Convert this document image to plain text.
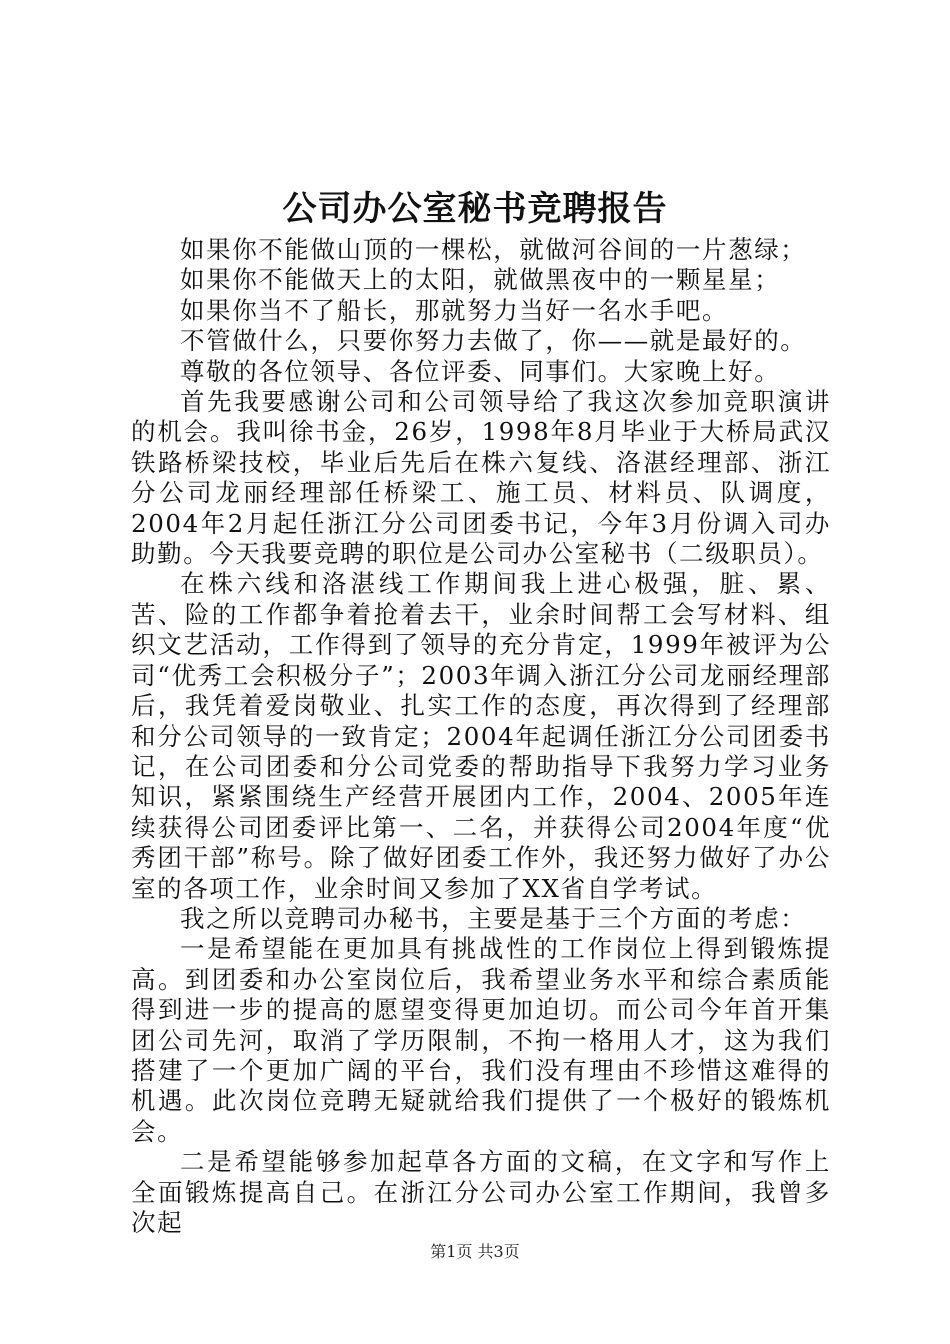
公司办公室秘书竞聘报告

如果你不能做山顶的一棵松，就做河谷间的一片葱绿；

如果你不能做天上的太阳，就做黑夜中的一颗星星；

如果你当不了船长，那就努力当好一名水手吧。

不管做什么，只要你努力去做了，你——就是最好的。

尊敬的各位领导、各位评委、同事们。大家晚上好。

首先我要感谢公司和公司领导给了我这次参加竞职演讲的机会。我叫徐书金，26岁，1998年8月毕业于大桥局武汉铁路桥梁技校，毕业后先后在株六复线、洛湛经理部、浙江分公司龙丽经理部任桥梁工、施工员、材料员、队调度，2004年2月起任浙江分公司团委书记，今年3月份调入司办助勤。今天我要竞聘的职位是公司办公室秘书（二级职员）。

在株六线和洛湛线工作期间我上进心极强，脏、累、苦、险的工作都争着抢着去干，业余时间帮工会写材料、组织文艺活动，工作得到了领导的充分肯定，1999年被评为公司“优秀工会积极分子”；2003年调入浙江分公司龙丽经理部后，我凭着爱岗敬业、扎实工作的态度，再次得到了经理部和分公司领导的一致肯定；2004年起调任浙江分公司团委书记，在公司团委和分公司党委的帮助指导下我努力学习业务知识，紧紧围绕生产经营开展团内工作，2004、2005年连续获得公司团委评比第一、二名，并获得公司2004年度“优秀团干部”称号。除了做好团委工作外，我还努力做好了办公室的各项工作，业余时间又参加了XX省自学考试。

我之所以竞聘司办秘书，主要是基于三个方面的考虑：

一是希望能在更加具有挑战性的工作岗位上得到锻炼提高。到团委和办公室岗位后，我希望业务水平和综合素质能得到进一步的提高的愿望变得更加迫切。而公司今年首开集团公司先河，取消了学历限制，不拘一格用人才，这为我们搭建了一个更加广阔的平台，我们没有理由不珍惜这难得的机遇。此次岗位竞聘无疑就给我们提供了一个极好的锻炼机会。

二是希望能够参加起草各方面的文稿，在文字和写作上全面锻炼提高自己。在浙江分公司办公室工作期间，我曾多次起

第1页 共3页
